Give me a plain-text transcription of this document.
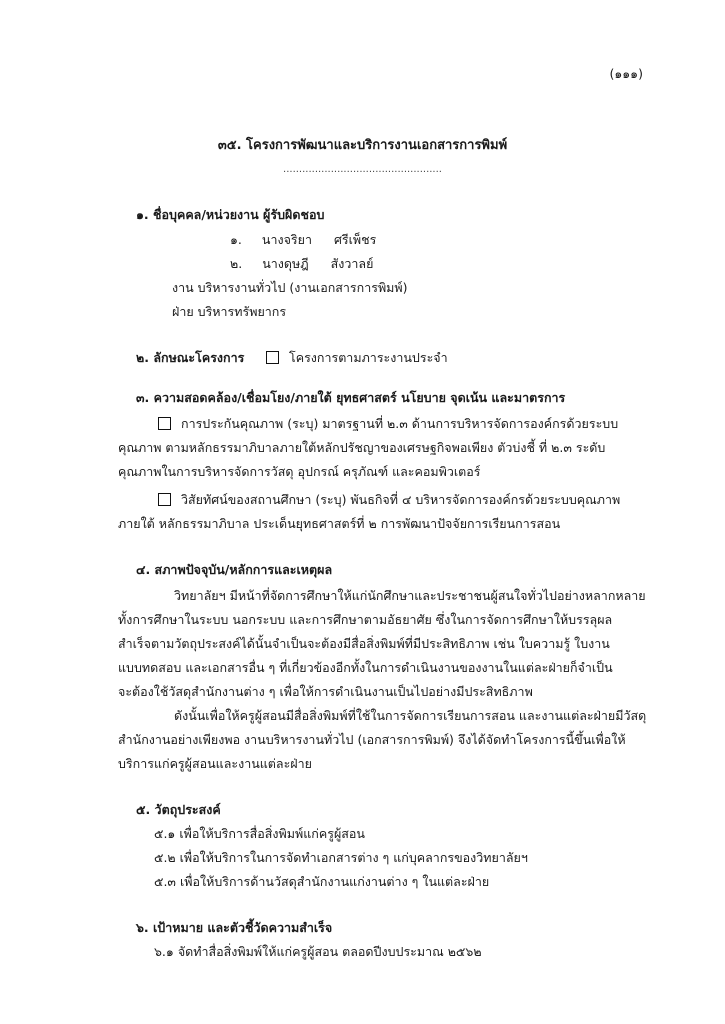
(๑๑๑)
๓๕. โครงการพัฒนาและบริการงานเอกสารการพิมพ์
..................................................
๑. ชื่อบุคคล/หน่วยงาน ผู้รับผิดชอบ
๑. นางจริยา ศรีเพ็ชร
๒. นางดุษฎี สังวาลย์
งาน บริหารงานทั่วไป (งานเอกสารการพิมพ์)
ฝ่าย บริหารทรัพยากร
๒. ลักษณะโครงการ	โครงการตามภาระงานประจำ
๓. ความสอดคล้อง/เชื่อมโยง/ภายใต้ ยุทธศาสตร์ นโยบาย จุดเน้น และมาตรการ
การประกันคุณภาพ (ระบุ) มาตรฐานที่ ๒.๓ ด้านการบริหารจัดการองค์กรด้วยระบบ
คุณภาพ ตามหลักธรรมาภิบาลภายใต้หลักปรัชญาของเศรษฐกิจพอเพียง ตัวบ่งชี้ ที่ ๒.๓ ระดับ
คุณภาพในการบริหารจัดการวัสดุ อุปกรณ์ ครุภัณฑ์ และคอมพิวเตอร์
วิสัยทัศน์ของสถานศึกษา (ระบุ) พันธกิจที่ ๔ บริหารจัดการองค์กรด้วยระบบคุณภาพ
ภายใต้ หลักธรรมาภิบาล ประเด็นยุทธศาสตร์ที่ ๒ การพัฒนาปัจจัยการเรียนการสอน
๔. สภาพปัจจุบัน/หลักการและเหตุผล
วิทยาลัยฯ มีหน้าที่จัดการศึกษาให้แก่นักศึกษาและประชาชนผู้สนใจทั่วไปอย่างหลากหลาย
ทั้งการศึกษาในระบบ นอกระบบ และการศึกษาตามอัธยาศัย ซึ่งในการจัดการศึกษาให้บรรลุผล
สำเร็จตามวัตถุประสงค์ได้นั้นจำเป็นจะต้องมีสื่อสิ่งพิมพ์ที่มีประสิทธิภาพ เช่น ใบความรู้ ใบงาน
แบบทดสอบ และเอกสารอื่น ๆ ที่เกี่ยวข้องอีกทั้งในการดำเนินงานของงานในแต่ละฝ่ายก็จำเป็น
จะต้องใช้วัสดุสำนักงานต่าง ๆ เพื่อให้การดำเนินงานเป็นไปอย่างมีประสิทธิภาพ
ดังนั้นเพื่อให้ครูผู้สอนมีสื่อสิ่งพิมพ์ที่ใช้ในการจัดการเรียนการสอน และงานแต่ละฝ่ายมีวัสดุ
สำนักงานอย่างเพียงพอ งานบริหารงานทั่วไป (เอกสารการพิมพ์) จึงได้จัดทำโครงการนี้ขึ้นเพื่อให้
บริการแก่ครูผู้สอนและงานแต่ละฝ่าย
๕. วัตถุประสงค์
๕.๑ เพื่อให้บริการสื่อสิ่งพิมพ์แก่ครูผู้สอน
๕.๒ เพื่อให้บริการในการจัดทำเอกสารต่าง ๆ แก่บุคลากรของวิทยาลัยฯ
๕.๓ เพื่อให้บริการด้านวัสดุสำนักงานแก่งานต่าง ๆ ในแต่ละฝ่าย
๖. เป้าหมาย และตัวชี้วัดความสำเร็จ
๖.๑ จัดทำสื่อสิ่งพิมพ์ให้แก่ครูผู้สอน ตลอดปีงบประมาณ ๒๕๖๒
